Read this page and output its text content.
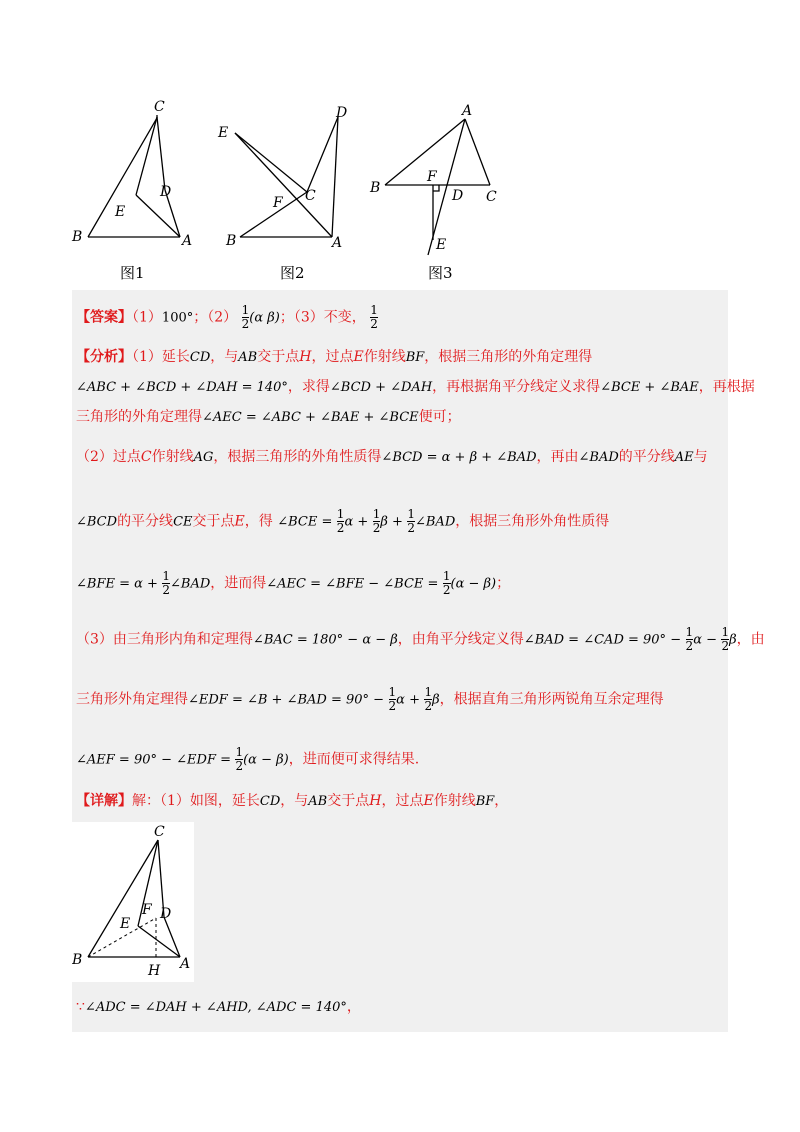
C
D
E
B	A
E
D
C
F
B	A
A
B
F
D C
E
图1	图2	图3
【答案】（1）100°；$(2) \frac{1}{2} (\alpha$ β)；（3）不变， $\frac{1}{2}$
【分析】（1）延长CD，与AB交于点H，过点E作射线BF，根据三角形的外角定理得
∠ABC + ∠BCD + ∠DAH = 140°，求得∠BCD + ∠DAH，再根据角平分线定义求得∠BCE + ∠BAE，再根据
三角形的外角定理得∠AEC = ∠ABC + ∠BAE + ∠BCE便可；
（2）过点C作射线AG，根据三角形的外角性质得∠BCD = α + β + ∠BAD，再由∠BAD的平分线AE与
∠BCD的平分线CE交于点E，得 ∠BCE = $\frac{1}{2}$ $\alpha + \frac{1}{2}$ $\beta + \frac{1}{2}$ ∠BAD，根据三角形外角性质得
∠BFE = $\alpha + \frac{1}{2}$ ∠BAD，进而得∠AEC = ∠BFE − ∠BCE = $\frac{1}{2} (\alpha - \beta)$；
（3）由三角形内角和定理得∠BAC = 180° − α − β，由角平分线定义得∠BAD = ∠CAD = $90^\circ - \frac{1}{2}$ $\alpha - \frac{1}{2}$ β，由
三角形外角定理得∠EDF = ∠B + ∠BAD = $90^\circ - \frac{1}{2}$ $\alpha + \frac{1}{2}$ β，根据直角三角形两锐角互余定理得
∠AEF = 90° − ∠EDF = $\frac{1}{2} (\alpha - \beta)$，进而便可求得结果.
【详解】解：（1）如图，延长CD，与AB交于点H，过点E作射线BF，
C
E
F D
B
H A
∵∠ADC = ∠DAH + ∠AHD, ∠ADC = 140°，
